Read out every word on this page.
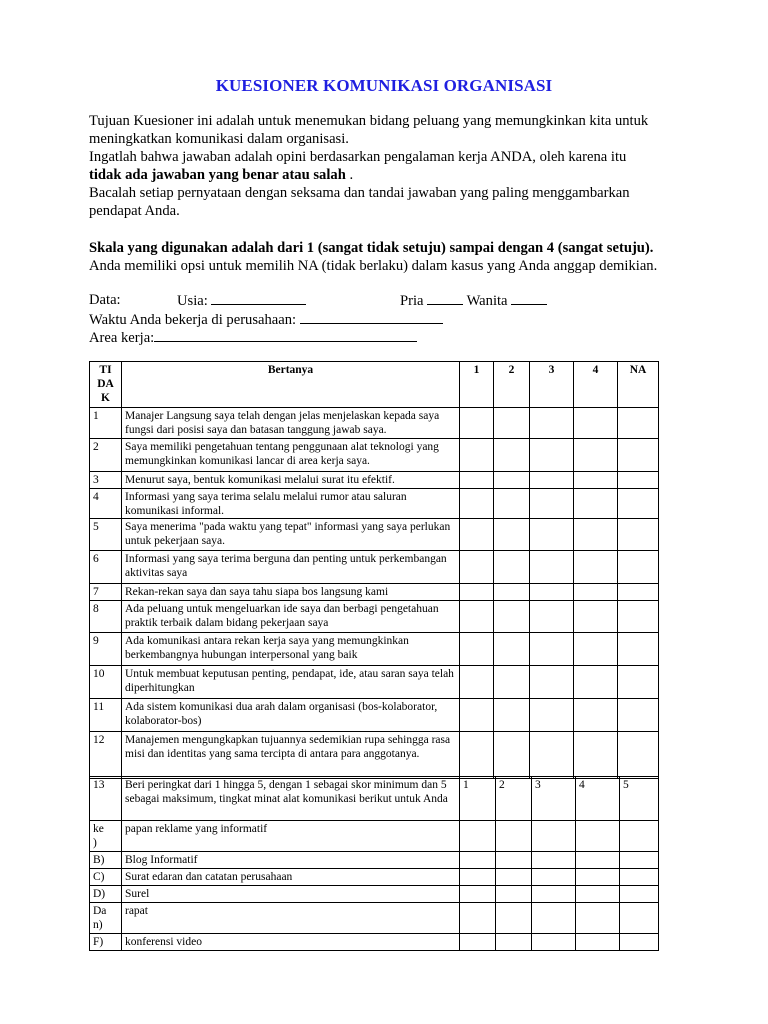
KUESIONER KOMUNIKASI ORGANISASI
Tujuan Kuesioner ini adalah untuk menemukan bidang peluang yang memungkinkan kita untuk
meningkatkan komunikasi dalam organisasi.
Ingatlah bahwa jawaban adalah opini berdasarkan pengalaman kerja ANDA, oleh karena itu
tidak ada jawaban yang benar atau salah .
Bacalah setiap pernyataan dengan seksama dan tandai jawaban yang paling menggambarkan
pendapat Anda.
Skala yang digunakan adalah dari 1 (sangat tidak setuju) sampai dengan 4 (sangat setuju).
Anda memiliki opsi untuk memilih NA (tidak berlaku) dalam kasus yang Anda anggap demikian.
Data:	Usia:	Pria	Wanita
Waktu Anda bekerja di perusahaan:
Area kerja:
TI
DA
K	Bertanya	1	2	3	4	NA
1	Manajer Langsung saya telah dengan jelas menjelaskan kepada saya fungsi dari posisi saya dan batasan tanggung jawab saya.					
2	Saya memiliki pengetahuan tentang penggunaan alat teknologi yang memungkinkan komunikasi lancar di area kerja saya.					
3	Menurut saya, bentuk komunikasi melalui surat itu efektif.					
4	Informasi yang saya terima selalu melalui rumor atau saluran komunikasi informal.					
5	Saya menerima "pada waktu yang tepat" informasi yang saya perlukan untuk pekerjaan saya.					
6	Informasi yang saya terima berguna dan penting untuk perkembangan aktivitas saya					
7	Rekan-rekan saya dan saya tahu siapa bos langsung kami					
8	Ada peluang untuk mengeluarkan ide saya dan berbagi pengetahuan praktik terbaik dalam bidang pekerjaan saya					
9	Ada komunikasi antara rekan kerja saya yang memungkinkan berkembangnya hubungan interpersonal yang baik					
10	Untuk membuat keputusan penting, pendapat, ide, atau saran saya telah diperhitungkan					
11	Ada sistem komunikasi dua arah dalam organisasi (bos-kolaborator, kolaborator-bos)					
12	Manajemen mengungkapkan tujuannya sedemikian rupa sehingga rasa misi dan identitas yang sama tercipta di antara para anggotanya.					
13	Beri peringkat dari 1 hingga 5, dengan 1 sebagai skor minimum dan 5 sebagai maksimum, tingkat minat alat komunikasi berikut untuk Anda	1	2	3	4	5
ke
)	papan reklame yang informatif					
B)	Blog Informatif					
C)	Surat edaran dan catatan perusahaan					
D)	Surel					
Da
n)	rapat					
F)	konferensi video					
